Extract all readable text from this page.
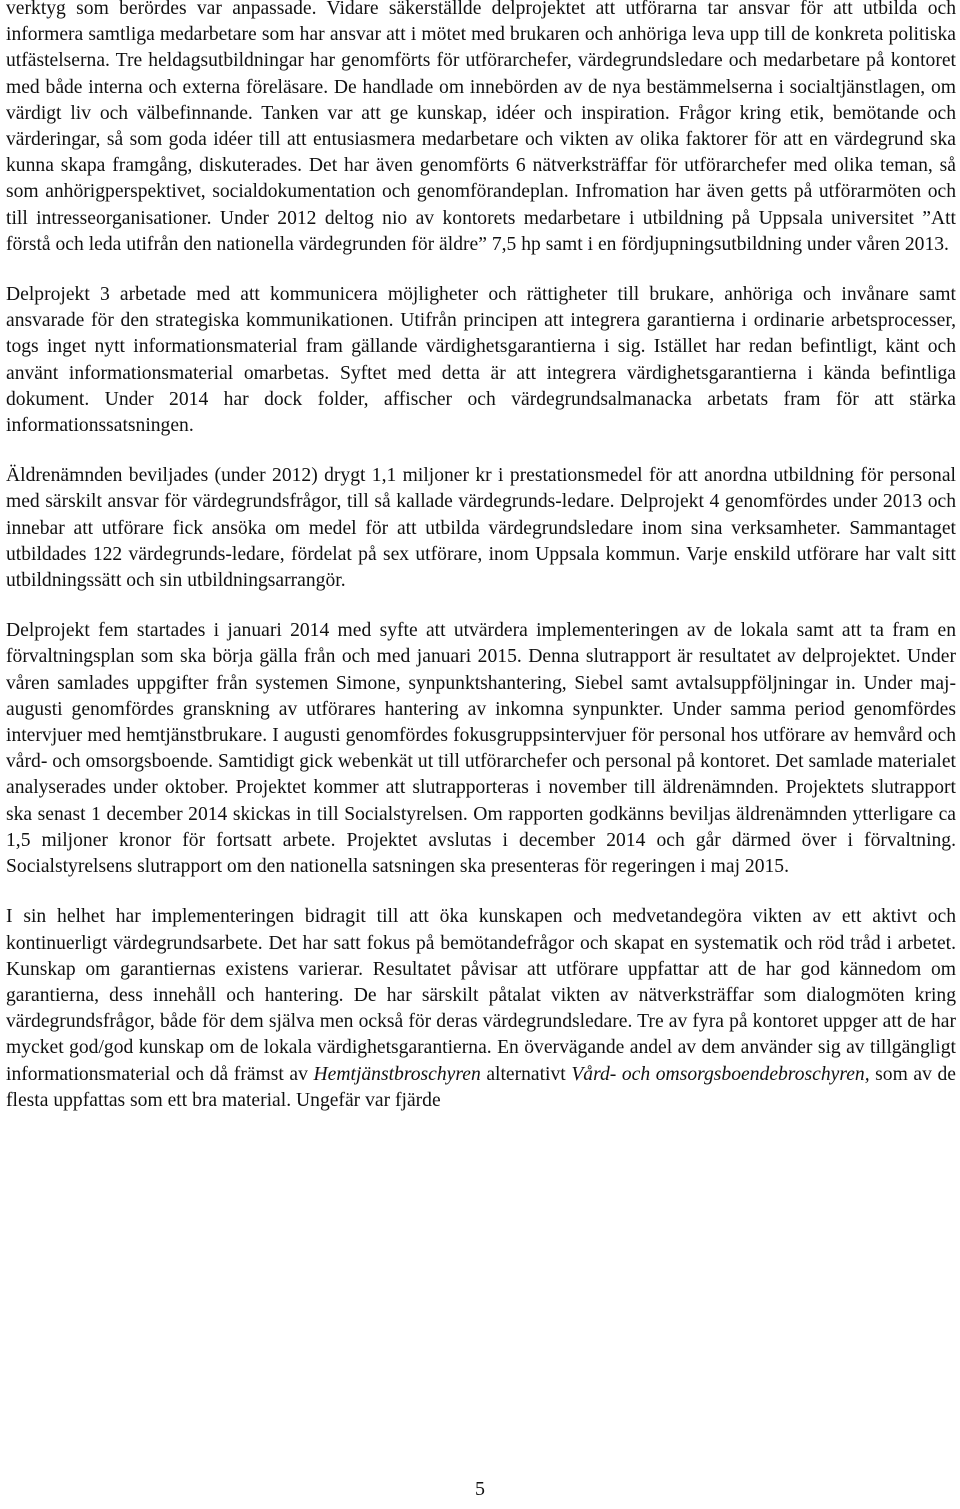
verktyg som berördes var anpassade. Vidare säkerställde delprojektet att utförarna tar ansvar för att utbilda och informera samtliga medarbetare som har ansvar att i mötet med brukaren och anhöriga leva upp till de konkreta politiska utfästelserna. Tre heldagsutbildningar har genomförts för utförarchefer, värdegrundsledare och medarbetare på kontoret med både interna och externa föreläsare. De handlade om innebörden av de nya bestämmelserna i socialtjänstlagen, om värdigt liv och välbefinnande. Tanken var att ge kunskap, idéer och inspiration. Frågor kring etik, bemötande och värderingar, så som goda idéer till att entusiasmera medarbetare och vikten av olika faktorer för att en värdegrund ska kunna skapa framgång, diskuterades. Det har även genomförts 6 nätverksträffar för utförarchefer med olika teman, så som anhörigperspektivet, socialdokumentation och genomförandeplan. Infromation har även getts på utförarmöten och till intresseorganisationer. Under 2012 deltog nio av kontorets medarbetare i utbildning på Uppsala universitet ”Att förstå och leda utifrån den nationella värdegrunden för äldre” 7,5 hp samt i en fördjupningsutbildning under våren 2013.

Delprojekt 3 arbetade med att kommunicera möjligheter och rättigheter till brukare, anhöriga och invånare samt ansvarade för den strategiska kommunikationen. Utifrån principen att integrera garantierna i ordinarie arbetsprocesser, togs inget nytt informationsmaterial fram gällande värdighetsgarantierna i sig. Istället har redan befintligt, känt och använt informationsmaterial omarbetas. Syftet med detta är att integrera värdighetsgarantierna i kända befintliga dokument. Under 2014 har dock folder, affischer och värdegrundsalmanacka arbetats fram för att stärka informationssatsningen.

Äldrenämnden beviljades (under 2012) drygt 1,1 miljoner kr i prestationsmedel för att anordna utbildning för personal med särskilt ansvar för värdegrundsfrågor, till så kallade värdegrunds-ledare. Delprojekt 4 genomfördes under 2013 och innebar att utförare fick ansöka om medel för att utbilda värdegrundsledare inom sina verksamheter. Sammantaget utbildades 122 värdegrunds-ledare, fördelat på sex utförare, inom Uppsala kommun. Varje enskild utförare har valt sitt utbildningssätt och sin utbildningsarrangör.

Delprojekt fem startades i januari 2014 med syfte att utvärdera implementeringen av de lokala samt att ta fram en förvaltningsplan som ska börja gälla från och med januari 2015. Denna slutrapport är resultatet av delprojektet. Under våren samlades uppgifter från systemen Simone, synpunktshantering, Siebel samt avtalsuppföljningar in. Under maj-augusti genomfördes granskning av utförares hantering av inkomna synpunkter. Under samma period genomfördes intervjuer med hemtjänstbrukare. I augusti genomfördes fokusgruppsintervjuer för personal hos utförare av hemvård och vård- och omsorgsboende. Samtidigt gick webenkät ut till utförarchefer och personal på kontoret. Det samlade materialet analyserades under oktober. Projektet kommer att slutrapporteras i november till äldrenämnden. Projektets slutrapport ska senast 1 december 2014 skickas in till Socialstyrelsen. Om rapporten godkänns beviljas äldrenämnden ytterligare ca 1,5 miljoner kronor för fortsatt arbete. Projektet avslutas i december 2014 och går därmed över i förvaltning. Socialstyrelsens slutrapport om den nationella satsningen ska presenteras för regeringen i maj 2015.

I sin helhet har implementeringen bidragit till att öka kunskapen och medvetandegöra vikten av ett aktivt och kontinuerligt värdegrundsarbete. Det har satt fokus på bemötandefrågor och skapat en systematik och röd tråd i arbetet. Kunskap om garantiernas existens varierar. Resultatet påvisar att utförare uppfattar att de har god kännedom om garantierna, dess innehåll och hantering. De har särskilt påtalat vikten av nätverksträffar som dialogmöten kring värdegrundsfrågor, både för dem själva men också för deras värdegrundsledare. Tre av fyra på kontoret uppger att de har mycket god/god kunskap om de lokala värdighetsgarantierna. En övervägande andel av dem använder sig av tillgängligt informationsmaterial och då främst av Hemtjänstbroschyren alternativt Vård- och omsorgsboendebroschyren, som av de flesta uppfattas som ett bra material. Ungefär var fjärde

5
